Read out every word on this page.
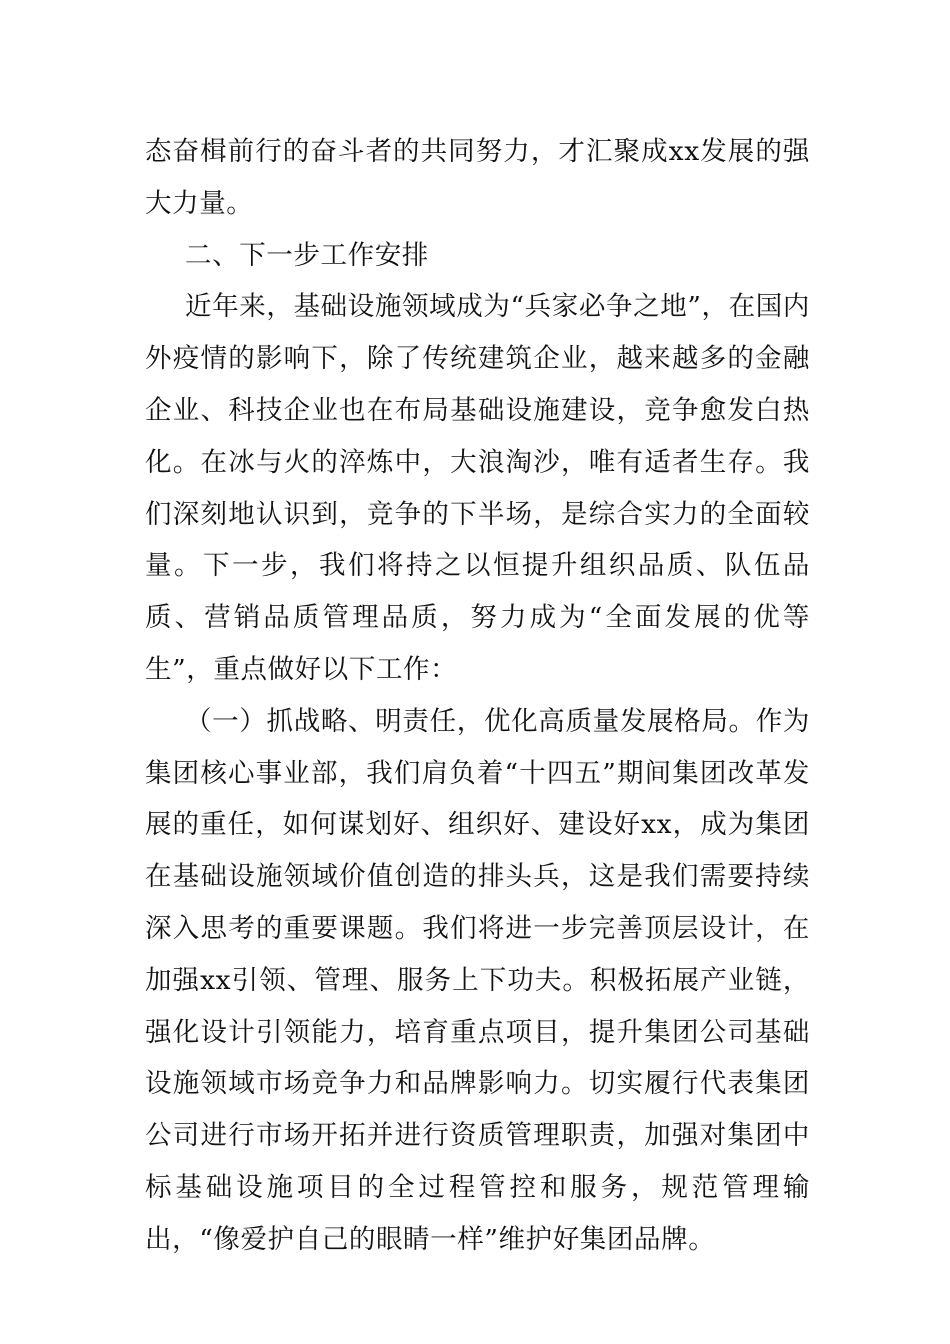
态奋楫前行的奋斗者的共同努力，才汇聚成xx发展的强大力量。

二、下一步工作安排

近年来，基础设施领域成为“兵家必争之地”，在国内外疫情的影响下，除了传统建筑企业，越来越多的金融企业、科技企业也在布局基础设施建设，竞争愈发白热化。在冰与火的淬炼中，大浪淘沙，唯有适者生存。我们深刻地认识到，竞争的下半场，是综合实力的全面较量。下一步，我们将持之以恒提升组织品质、队伍品质、营销品质管理品质，努力成为“全面发展的优等生”，重点做好以下工作：

（一）抓战略、明责任，优化高质量发展格局。作为集团核心事业部，我们肩负着“十四五”期间集团改革发展的重任，如何谋划好、组织好、建设好xx，成为集团在基础设施领域价值创造的排头兵，这是我们需要持续深入思考的重要课题。我们将进一步完善顶层设计，在加强xx引领、管理、服务上下功夫。积极拓展产业链，强化设计引领能力，培育重点项目，提升集团公司基础设施领域市场竞争力和品牌影响力。切实履行代表集团公司进行市场开拓并进行资质管理职责，加强对集团中标基础设施项目的全过程管控和服务，规范管理输出，“像爱护自己的眼睛一样”维护好集团品牌。
